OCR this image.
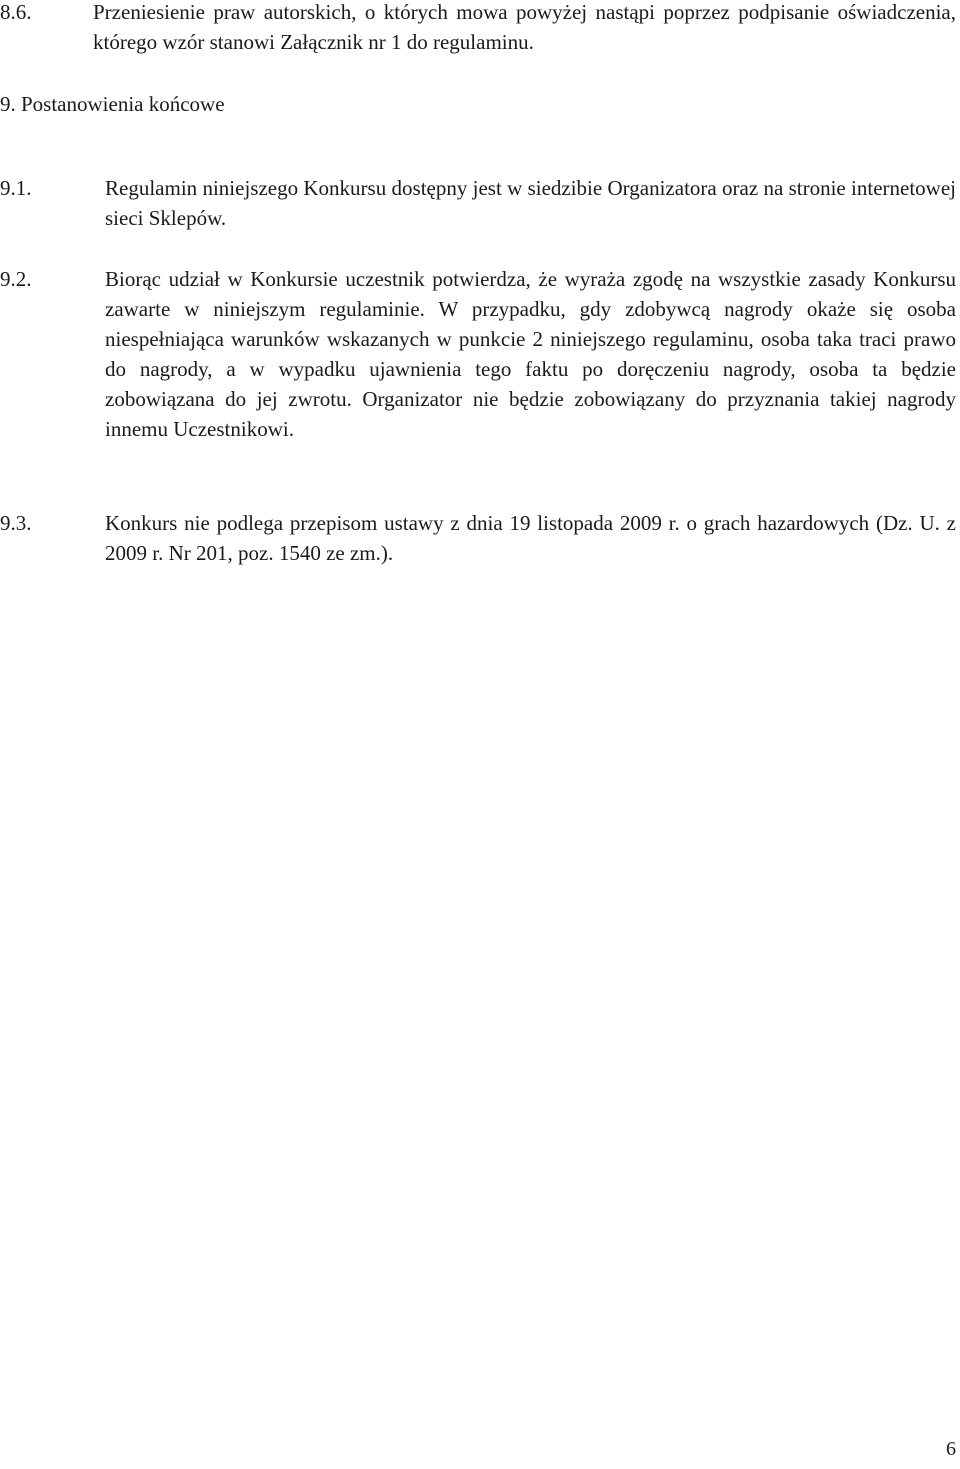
8.6.	Przeniesienie praw autorskich, o których mowa powyżej nastąpi poprzez podpisanie oświadczenia, którego wzór stanowi Załącznik nr 1 do regulaminu.
9. Postanowienia końcowe
9.1.	Regulamin niniejszego Konkursu dostępny jest w siedzibie Organizatora oraz na stronie internetowej sieci Sklepów.
9.2.	Biorąc udział w Konkursie uczestnik potwierdza, że wyraża zgodę na wszystkie zasady Konkursu zawarte w niniejszym regulaminie. W przypadku, gdy zdobywcą nagrody okaże się osoba niespełniająca warunków wskazanych w punkcie 2 niniejszego regulaminu, osoba taka traci prawo do nagrody, a w wypadku ujawnienia tego faktu po doręczeniu nagrody, osoba ta będzie zobowiązana do jej zwrotu. Organizator nie będzie zobowiązany do przyznania takiej nagrody innemu Uczestnikowi.
9.3.	Konkurs nie podlega przepisom ustawy z dnia 19 listopada 2009 r. o grach hazardowych (Dz. U. z 2009 r. Nr 201, poz. 1540 ze zm.).
6
